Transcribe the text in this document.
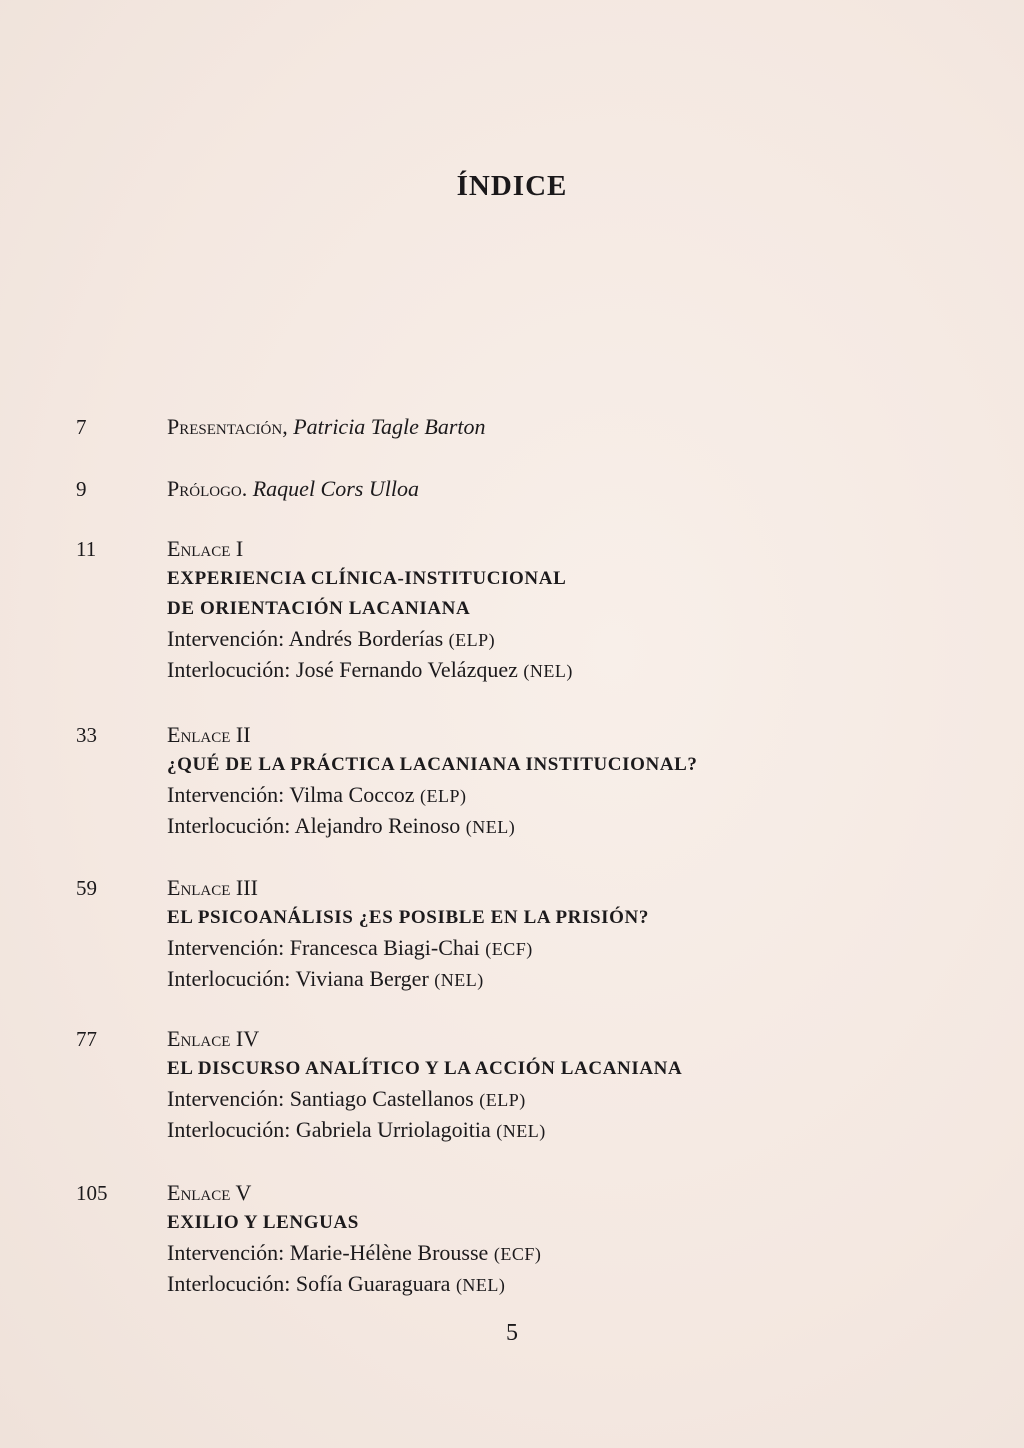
ÍNDICE
7	Presentación, Patricia Tagle Barton
9	Prólogo. Raquel Cors Ulloa
11	Enlace I
EXPERIENCIA CLÍNICA-INSTITUCIONAL
DE ORIENTACIÓN LACANIANA
Intervención: Andrés Borderías (ELP)
Interlocución: José Fernando Velázquez (NEL)
33	Enlace II
¿QUÉ DE LA PRÁCTICA LACANIANA INSTITUCIONAL?
Intervención: Vilma Coccoz (ELP)
Interlocución: Alejandro Reinoso (NEL)
59	Enlace III
EL PSICOANÁLISIS ¿ES POSIBLE EN LA PRISIÓN?
Intervención: Francesca Biagi-Chai (ECF)
Interlocución: Viviana Berger (NEL)
77	Enlace IV
EL DISCURSO ANALÍTICO Y LA ACCIÓN LACANIANA
Intervención: Santiago Castellanos (ELP)
Interlocución: Gabriela Urriolagoitia (NEL)
105	Enlace V
EXILIO Y LENGUAS
Intervención: Marie-Hélène Brousse (ECF)
Interlocución: Sofía Guaraguara (NEL)
5
